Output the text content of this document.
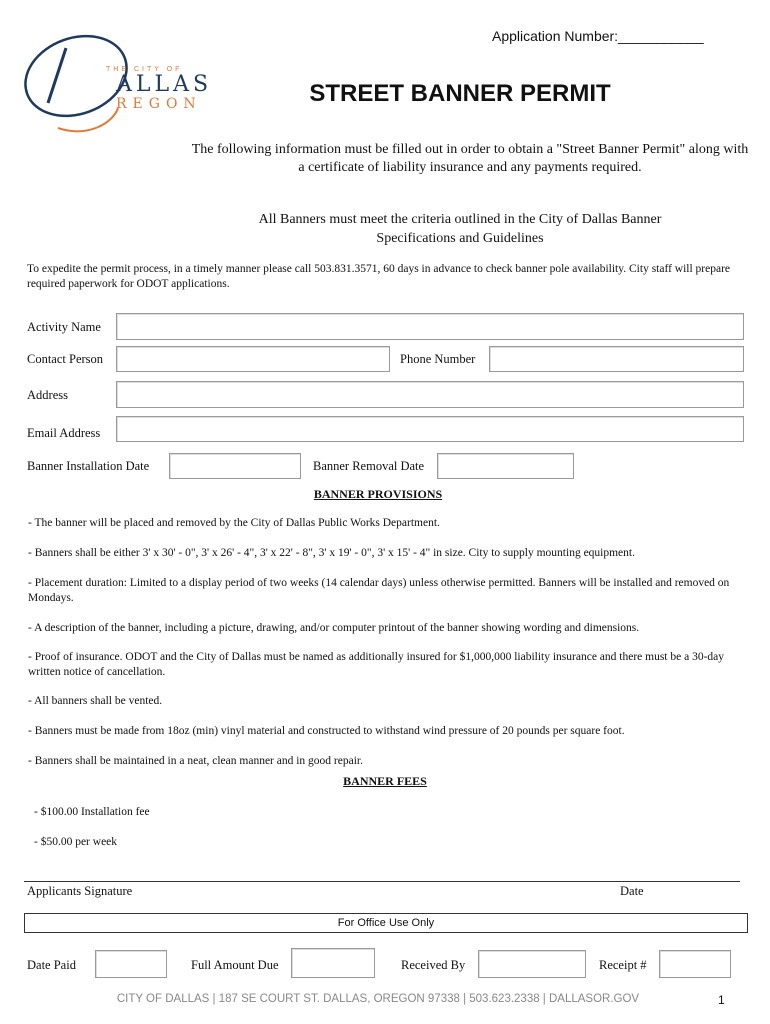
Application Number:___________
THE CITY OF
ALLAS
REGON	STREET BANNER PERMIT
The following information must be filled out in order to obtain a "Street Banner Permit" along with a certificate of liability insurance and any payments required.
All Banners must meet the criteria outlined in the City of Dallas Banner Specifications and Guidelines
To expedite the permit process, in a timely manner please call 503.831.3571, 60 days in advance to check banner pole availability. City staff will prepare required paperwork for ODOT applications.
Activity Name
Contact Person	Phone Number
Address
Email Address
Banner Installation Date	Banner Removal Date
BANNER PROVISIONS
- The banner will be placed and removed by the City of Dallas Public Works Department.
- Banners shall be either 3' x 30' - 0", 3' x 26' - 4", 3' x 22' - 8", 3' x 19' - 0", 3' x 15' - 4" in size. City to supply mounting equipment.
- Placement duration: Limited to a display period of two weeks (14 calendar days) unless otherwise permitted. Banners will be installed and removed on Mondays.
- A description of the banner, including a picture, drawing, and/or computer printout of the banner showing wording and dimensions.
- Proof of insurance. ODOT and the City of Dallas must be named as additionally insured for $1,000,000 liability insurance and there must be a 30-day written notice of cancellation.
- All banners shall be vented.
- Banners must be made from 18oz (min) vinyl material and constructed to withstand wind pressure of 20 pounds per square foot.
- Banners shall be maintained in a neat, clean manner and in good repair.
BANNER FEES
- $100.00 Installation fee
- $50.00 per week
Applicants Signature	Date
For Office Use Only
Date Paid	Full Amount Due	Received By	Receipt #
CITY OF DALLAS | 187 SE COURT ST. DALLAS, OREGON 97338 | 503.623.2338 | DALLASOR.GOV	1
